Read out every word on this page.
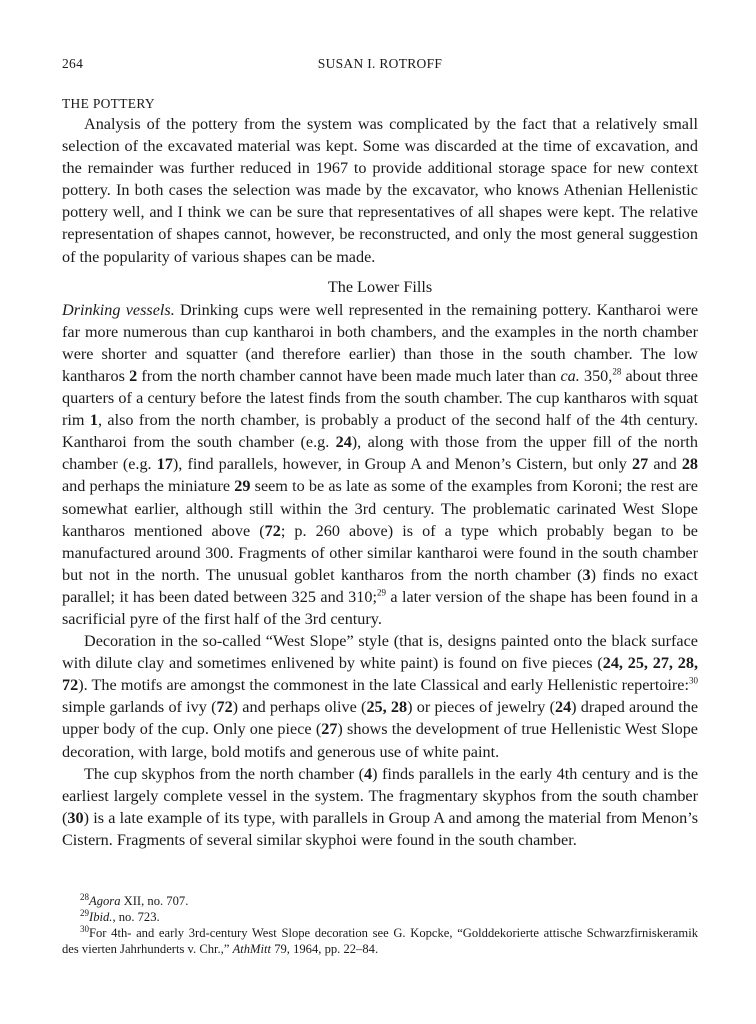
264	SUSAN I. ROTROFF
THE POTTERY

Analysis of the pottery from the system was complicated by the fact that a relatively small selection of the excavated material was kept. Some was discarded at the time of excavation, and the remainder was further reduced in 1967 to provide additional storage space for new context pottery. In both cases the selection was made by the excavator, who knows Athenian Hellenistic pottery well, and I think we can be sure that representatives of all shapes were kept. The relative representation of shapes cannot, however, be reconstructed, and only the most general suggestion of the popularity of various shapes can be made.

The Lower Fills

Drinking vessels. Drinking cups were well represented in the remaining pottery. Kantharoi were far more numerous than cup kantharoi in both chambers, and the examples in the north chamber were shorter and squatter (and therefore earlier) than those in the south chamber. The low kantharos 2 from the north chamber cannot have been made much later than ca. 350,28 about three quarters of a century before the latest finds from the south chamber. The cup kantharos with squat rim 1, also from the north chamber, is probably a product of the second half of the 4th century. Kantharoi from the south chamber (e.g. 24), along with those from the upper fill of the north chamber (e.g. 17), find parallels, however, in Group A and Menon’s Cistern, but only 27 and 28 and perhaps the miniature 29 seem to be as late as some of the examples from Koroni; the rest are somewhat earlier, although still within the 3rd century. The problematic carinated West Slope kantharos mentioned above (72; p. 260 above) is of a type which probably began to be manufactured around 300. Fragments of other similar kantharoi were found in the south chamber but not in the north. The unusual goblet kantharos from the north chamber (3) finds no exact parallel; it has been dated between 325 and 310;$^{29}$ a later version of the shape has been found in a sacrificial pyre of the first half of the 3rd century.

Decoration in the so-called “West Slope” style (that is, designs painted onto the black surface with dilute clay and sometimes enlivened by white paint) is found on five pieces (24, 25, 27, 28, 72). The motifs are amongst the commonest in the late Classical and early Hellenistic repertoire:$^{30}$ simple garlands of ivy (72) and perhaps olive (25, 28) or pieces of jewelry (24) draped around the upper body of the cup. Only one piece (27) shows the development of true Hellenistic West Slope decoration, with large, bold motifs and generous use of white paint.

The cup skyphos from the north chamber (4) finds parallels in the early 4th century and is the earliest largely complete vessel in the system. The fragmentary skyphos from the south chamber (30) is a late example of its type, with parallels in Group A and among the material from Menon’s Cistern. Fragments of several similar skyphoi were found in the south chamber.

$^{28}$Agora XII, no. 707.

$^{29}$Ibid., no. 723.

$^{30}$For 4th- and early 3rd-century West Slope decoration see G. Kopcke, “Golddekorierte attische Schwarzfirniskeramik des vierten Jahrhunderts v. Chr.,” AthMitt 79, 1964, pp. 22–84.
